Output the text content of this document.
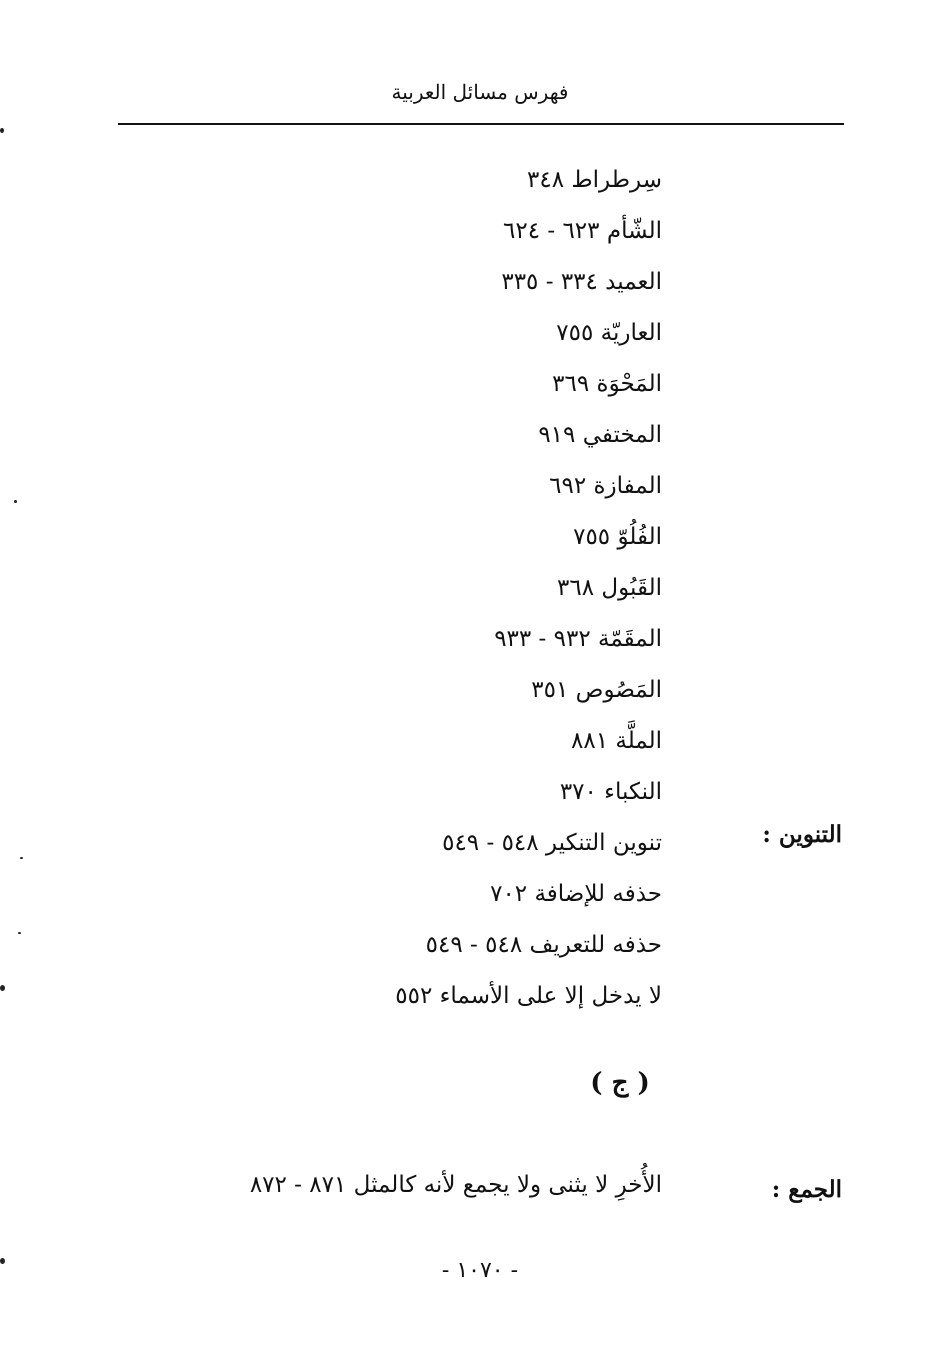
فهرس مسائل العربية
سِرطراط ٣٤٨
الشّأم ٦٢٣ - ٦٢٤
العميد ٣٣٤ - ٣٣٥
العاريّة ٧٥٥
المَحْوَة ٣٦٩
المختفي ٩١٩
المفازة ٦٩٢
الفُلُوّ ٧٥٥
القَبُول ٣٦٨
المقَمّة ٩٣٢ - ٩٣٣
المَصُوص ٣٥١
الملَّة ٨٨١
النكباء ٣٧٠
تنوين التنكير ٥٤٨ - ٥٤٩
حذفه للإضافة ٧٠٢
حذفه للتعريف ٥٤٨ - ٥٤٩
لا يدخل إلا على الأسماء ٥٥٢
التنوين :
( ج )
الجمع :
الأُخرِ لا يثنى ولا يجمع لأنه كالمثل ٨٧١ - ٨٧٢
- ١٠٧٠ -
